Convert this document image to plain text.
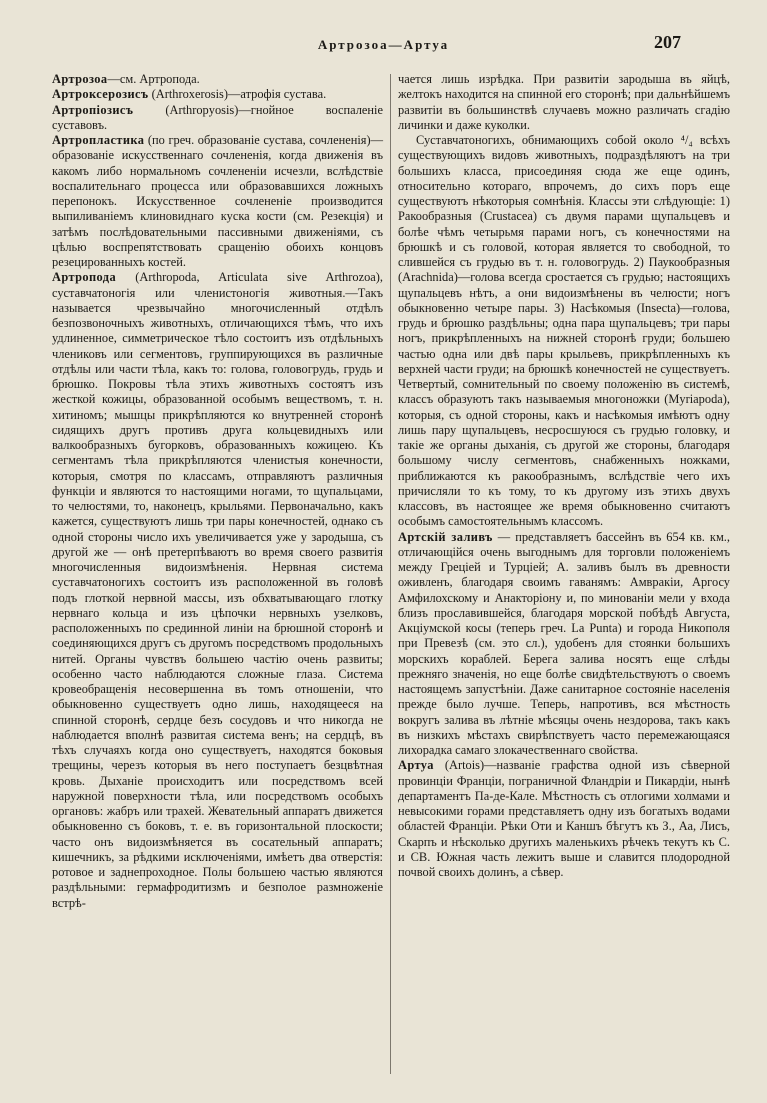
Артрозоа—Артуа	207

Артрозоа—см. Артропода.

Артроксерозисъ (Arthroxerosis)—атрофія сустава.

Артропіозисъ (Arthropyosis)—гнойное воспаленіе суставовъ.

Артропластика (по греч. образованіе сустава, сочлененія)—образованіе искусственнаго сочлененія, когда движенія въ какомъ либо нормальномъ сочлененіи исчезли, вслѣдствіе воспалительнаго процесса или образовавшихся ложныхъ перепонокъ. Искусственное сочлененіе производится выпиливаніемъ клиновиднаго куска кости (см. Резекція) и затѣмъ послѣдовательными пассивными движеніями, съ цѣлью воспрепятствовать сращенію обоихъ концовъ резецированныхъ костей.

Артропода (Arthropoda, Articulata sive Arthrozoa), суставчатоногія или членистоногія животныя.—Такъ называется чрезвычайно многочисленный отдѣлъ безпозвоночныхъ животныхъ, отличающихся тѣмъ, что ихъ удлиненное, симметрическое тѣло состоитъ изъ отдѣльныхъ члениковъ или сегментовъ, группирующихся въ различные отдѣлы или части тѣла, какъ то: голова, головогрудь, грудь и брюшко. Покровы тѣла этихъ животныхъ состоятъ изъ жесткой кожицы, образованной особымъ веществомъ, т. н. хитиномъ; мышцы прикрѣпляются ко внутренней сторонѣ сидящихъ другъ противъ друга кольцевидныхъ или валкообразныхъ бугорковъ, образованныхъ кожицею. Къ сегментамъ тѣла прикрѣпляются членистыя конечности, которыя, смотря по классамъ, отправляютъ различныя функціи и являются то настоящими ногами, то щупальцами, то челюстями, то, наконецъ, крыльями. Первоначально, какъ кажется, существуютъ лишь три пары конечностей, однако съ одной стороны число ихъ увеличивается уже у зародыша, съ другой же — онѣ претерпѣваютъ во время своего развитія многочисленныя видоизмѣненія. Нервная система суставчатоногихъ состоитъ изъ расположенной въ головѣ подъ глоткой нервной массы, изъ обхватывающаго глотку нервнаго кольца и изъ цѣпочки нервныхъ узелковъ, расположенныхъ по срединной линіи на брюшной сторонѣ и соединяющихся другъ съ другомъ посредствомъ продольныхъ нитей. Органы чувствъ большею частію очень развиты; особенно часто наблюдаются сложные глаза. Система кровеобращенія несовершенна въ томъ отношеніи, что обыкновенно существуетъ одно лишь, находящееся на спинной сторонѣ, сердце безъ сосудовъ и что никогда не наблюдается вполнѣ развитая система венъ; на сердцѣ, въ тѣхъ случаяхъ когда оно существуетъ, находятся боковыя трещины, черезъ которыя въ него поступаетъ безцвѣтная кровь. Дыханіе происходитъ или посредствомъ всей наружной поверхности тѣла, или посредствомъ особыхъ органовъ: жабръ или трахей. Жевательный аппаратъ движется обыкновенно съ боковъ, т. е. въ горизонтальной плоскости; часто онъ видоизмѣняется въ сосательный аппаратъ; кишечникъ, за рѣдкими исключеніями, имѣетъ два отверстія: ротовое и заднепроходное. Полы большею частью являются раздѣльными: гермафродитизмъ и безполое размноженіе встрѣ-

чается лишь изрѣдка. При развитіи зародыша въ яйцѣ, желтокъ находится на спинной его сторонѣ; при дальнѣйшемъ развитіи въ большинствѣ случаевъ можно различать сгадію личинки и даже куколки.

Суставчатоногихъ, обнимающихъ собой около ⁴/₄ всѣхъ существующихъ видовъ животныхъ, подраздѣляютъ на три большихъ класса, присоединяя сюда же еще одинъ, относительно котораго, впрочемъ, до сихъ поръ еще существуютъ нѣкоторыя сомнѣнія. Классы эти слѣдующіе: 1) Ракообразныя (Crustacea) съ двумя парами щупальцевъ и болѣе чѣмъ четырьмя парами ногъ, съ конечностями на брюшкѣ и съ головой, которая является то свободной, то слившейся съ грудью въ т. н. головогрудь. 2) Паукообразныя (Arachnida)—голова всегда сростается съ грудью; настоящихъ щупальцевъ нѣтъ, а они видоизмѣнены въ челюсти; ногъ обыкновенно четыре пары. 3) Насѣкомыя (Insecta)—голова, грудь и брюшко раздѣльны; одна пара щупальцевъ; три пары ногъ, прикрѣпленныхъ на нижней сторонѣ груди; большею частью одна или двѣ пары крыльевъ, прикрѣпленныхъ къ верхней части груди; на брюшкѣ конечностей не существуетъ. Четвертый, сомнительный по своему положенію въ системѣ, классъ образуютъ такъ называемыя многоножки (Myriapoda), которыя, съ одной стороны, какъ и насѣкомыя имѣютъ одну лишь пару щупальцевъ, несросшуюся съ грудью головку, и такіе же органы дыханія, съ другой же стороны, благодаря большому числу сегментовъ, снабженныхъ ножками, приближаются къ ракообразнымъ, вслѣдствіе чего ихъ причисляли то къ тому, то къ другому изъ этихъ двухъ классовъ, въ настоящее же время обыкновенно считаютъ особымъ самостоятельнымъ классомъ.

Артскій заливъ — представляетъ бассейнъ въ 654 кв. км., отличающійся очень выгоднымъ для торговли положеніемъ между Греціей и Турціей; А. заливъ былъ въ древности оживленъ, благодаря своимъ гаванямъ: Амвракіи, Аргосу Амфилохскому и Анакторіону и, по минованіи мели у входа близъ прославившейся, благодаря морской побѣдѣ Августа, Акціумской косы (теперь греч. La Punta) и города Никополя при Превезѣ (см. это сл.), удобенъ для стоянки большихъ морскихъ кораблей. Берега залива носятъ еще слѣды прежняго значенія, но еще болѣе свидѣтельствуютъ о своемъ настоящемъ запустѣніи. Даже санитарное состояніе населенія прежде было лучше. Теперь, напротивъ, вся мѣстность вокругъ залива въ лѣтніе мѣсяцы очень нездорова, такъ какъ въ низкихъ мѣстахъ свирѣпствуетъ часто перемежающаяся лихорадка самаго злокачественнаго свойства.

Артуа (Artois)—названіе графства одной изъ сѣверной провинціи Франціи, пограничной Фландріи и Пикардіи, нынѣ департаментъ Па-де-Кале. Мѣстность съ отлогими холмами и невысокими горами представляетъ одну изъ богатыхъ водами областей Франціи. Рѣки Оти и Каншъ бѣгутъ къ З., Аа, Лисъ, Скарпъ и нѣсколько другихъ маленькихъ рѣчекъ текутъ къ С. и СВ. Южная часть лежитъ выше и славится плодородной почвой своихъ долинъ, а сѣвер.
